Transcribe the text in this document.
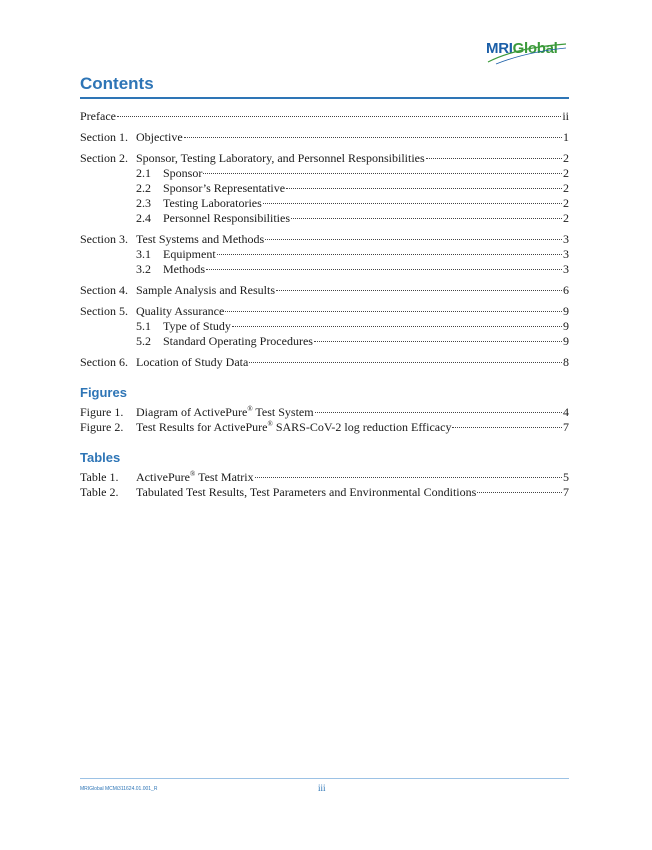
MRIGlobal
Contents
Preface	ii
Section 1. Objective	1
Section 2. Sponsor, Testing Laboratory, and Personnel Responsibilities	2
2.1	Sponsor	2
2.2	Sponsor’s Representative	2
2.3	Testing Laboratories	2
2.4	Personnel Responsibilities	2
Section 3. Test Systems and Methods	3
3.1	Equipment	3
3.2	Methods	3
Section 4. Sample Analysis and Results	6
Section 5. Quality Assurance	9
5.1	Type of Study	9
5.2	Standard Operating Procedures	9
Section 6. Location of Study Data	8
Figures
Figure 1.	Diagram of ActivePure® Test System	4
Figure 2.	Test Results for ActivePure® SARS-CoV-2 log reduction Efficacy	7
Tables
Table 1.	ActivePure® Test Matrix	5
Table 2.	Tabulated Test Results, Test Parameters and Environmental Conditions	7
MRIGlobal MCMi311624.01.001_R	iii
